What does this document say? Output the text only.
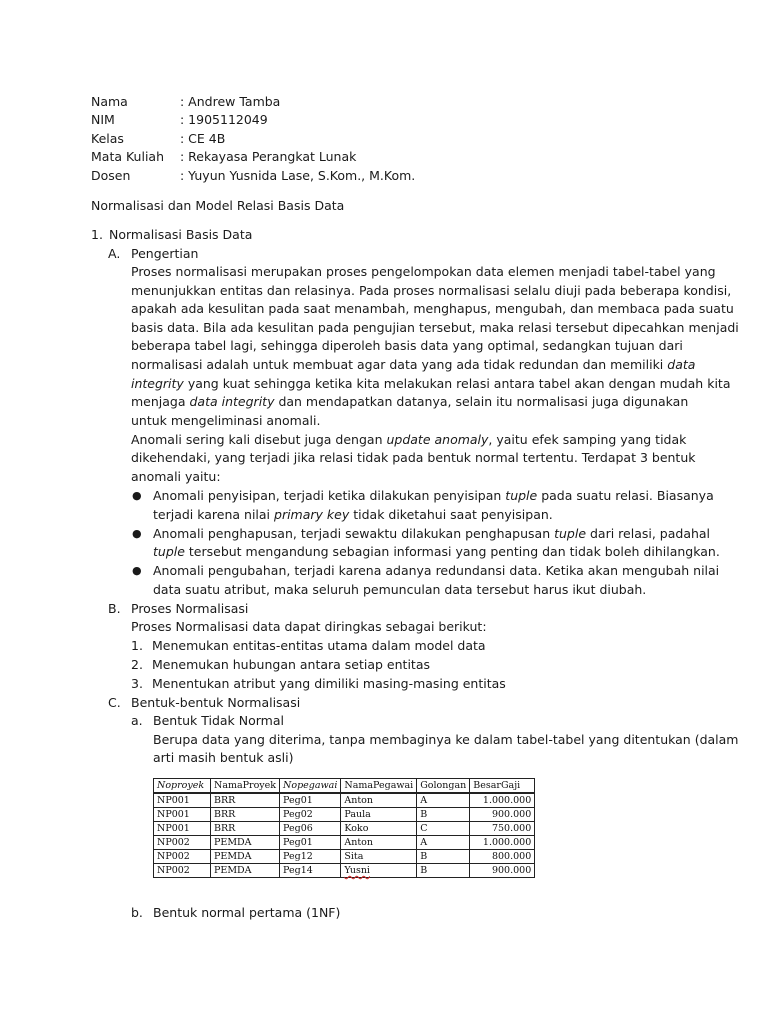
Nama	: Andrew Tamba
NIM	: 1905112049
Kelas	: CE 4B
Mata Kuliah : Rekayasa Perangkat Lunak
Dosen	: Yuyun Yusnida Lase, S.Kom., M.Kom.
Normalisasi dan Model Relasi Basis Data
1. Normalisasi Basis Data
A. Pengertian
Proses normalisasi merupakan proses pengelompokan data elemen menjadi tabel-tabel yang
menunjukkan entitas dan relasinya. Pada proses normalisasi selalu diuji pada beberapa kondisi,
apakah ada kesulitan pada saat menambah, menghapus, mengubah, dan membaca pada suatu
basis data. Bila ada kesulitan pada pengujian tersebut, maka relasi tersebut dipecahkan menjadi
beberapa tabel lagi, sehingga diperoleh basis data yang optimal, sedangkan tujuan dari
normalisasi adalah untuk membuat agar data yang ada tidak redundan dan memiliki data
integrity yang kuat sehingga ketika kita melakukan relasi antara tabel akan dengan mudah kita
menjaga data integrity dan mendapatkan datanya, selain itu normalisasi juga digunakan
untuk mengeliminasi anomali.
Anomali sering kali disebut juga dengan update anomaly, yaitu efek samping yang tidak
dikehendaki, yang terjadi jika relasi tidak pada bentuk normal tertentu. Terdapat 3 bentuk
anomali yaitu:
● Anomali penyisipan, terjadi ketika dilakukan penyisipan tuple pada suatu relasi. Biasanya
terjadi karena nilai primary key tidak diketahui saat penyisipan.
● Anomali penghapusan, terjadi sewaktu dilakukan penghapusan tuple dari relasi, padahal
tuple tersebut mengandung sebagian informasi yang penting dan tidak boleh dihilangkan.
● Anomali pengubahan, terjadi karena adanya redundansi data. Ketika akan mengubah nilai
data suatu atribut, maka seluruh pemunculan data tersebut harus ikut diubah.
B. Proses Normalisasi
Proses Normalisasi data dapat diringkas sebagai berikut:
1. Menemukan entitas-entitas utama dalam model data
2. Menemukan hubungan antara setiap entitas
3. Menentukan atribut yang dimiliki masing-masing entitas
C. Bentuk-bentuk Normalisasi
a. Bentuk Tidak Normal
Berupa data yang diterima, tanpa membaginya ke dalam tabel-tabel yang ditentukan (dalam
arti masih bentuk asli)
Noproyek	NamaProyek	Nopegawai	NamaPegawai	Golongan	BesarGaji
NP001	BRR	Peg01	Anton	A	1.000.000
NP001	BRR	Peg02	Paula	B	900.000
NP001	BRR	Peg06	Koko	C	750.000
NP002	PEMDA	Peg01	Anton	A	1.000.000
NP002	PEMDA	Peg12	Sita	B	800.000
NP002	PEMDA	Peg14	Yusni	B	900.000
b. Bentuk normal pertama (1NF)
